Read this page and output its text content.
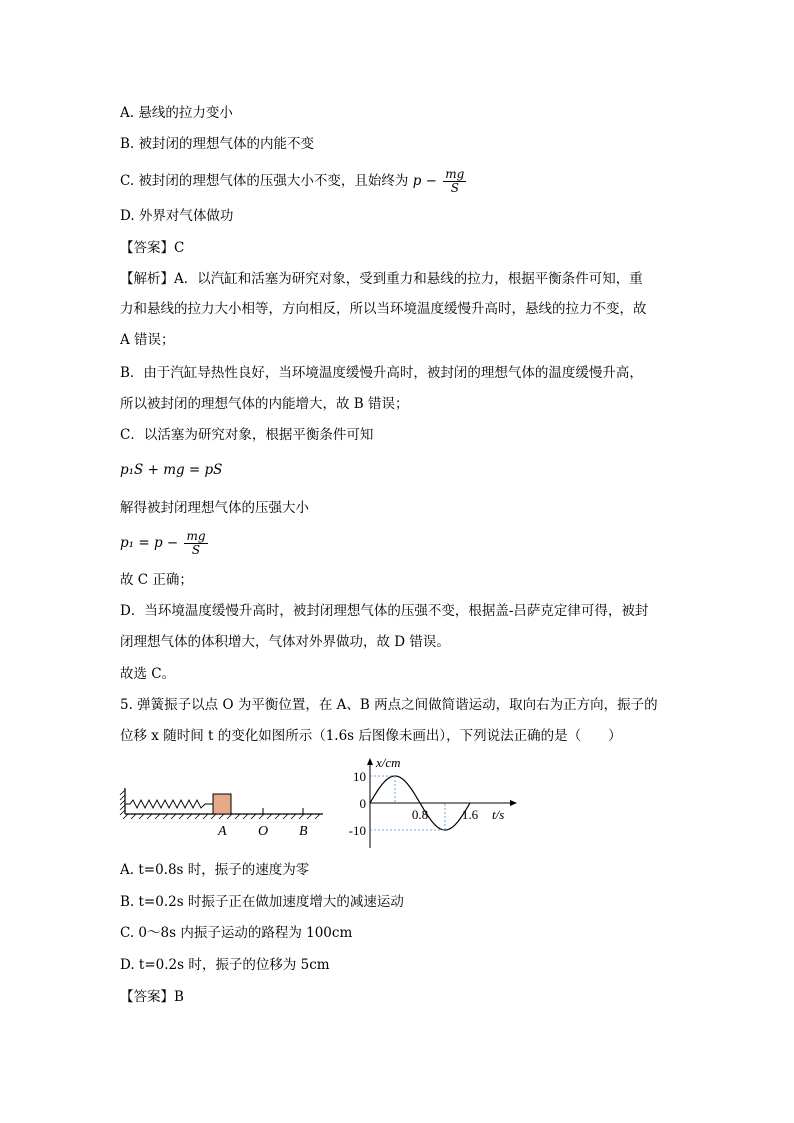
A. 悬线的拉力变小
B. 被封闭的理想气体的内能不变
C. 被封闭的理想气体的压强大小不变，且始终为 $p - \frac{mg}{S}$
D. 外界对气体做功
【答案】C
【解析】A．以汽缸和活塞为研究对象，受到重力和悬线的拉力，根据平衡条件可知，重
力和悬线的拉力大小相等，方向相反，所以当环境温度缓慢升高时，悬线的拉力不变，故
A 错误；
B．由于汽缸导热性良好，当环境温度缓慢升高时，被封闭的理想气体的温度缓慢升高，
所以被封闭的理想气体的内能增大，故 B 错误；
C．以活塞为研究对象，根据平衡条件可知
p₁S + mg = pS
解得被封闭理想气体的压强大小
$p_1 = p - \frac{mg}{S}$
故 C 正确；
D．当环境温度缓慢升高时，被封闭理想气体的压强不变，根据盖-吕萨克定律可得，被封
闭理想气体的体积增大，气体对外界做功，故 D 错误。
故选 C。
5. 弹簧振子以点 O 为平衡位置，在 A、B 两点之间做简谐运动，取向右为正方向，振子的
位移 x 随时间 t 的变化如图所示（1.6s 后图像未画出），下列说法正确的是（　　）
A O B
x/cm
t/s
10
0
-10
0.8	1.6
A. t=0.8s 时，振子的速度为零
B. t=0.2s 时振子正在做加速度增大的减速运动
C. 0～8s 内振子运动的路程为 100cm
D. t=0.2s 时，振子的位移为 5cm
【答案】B
